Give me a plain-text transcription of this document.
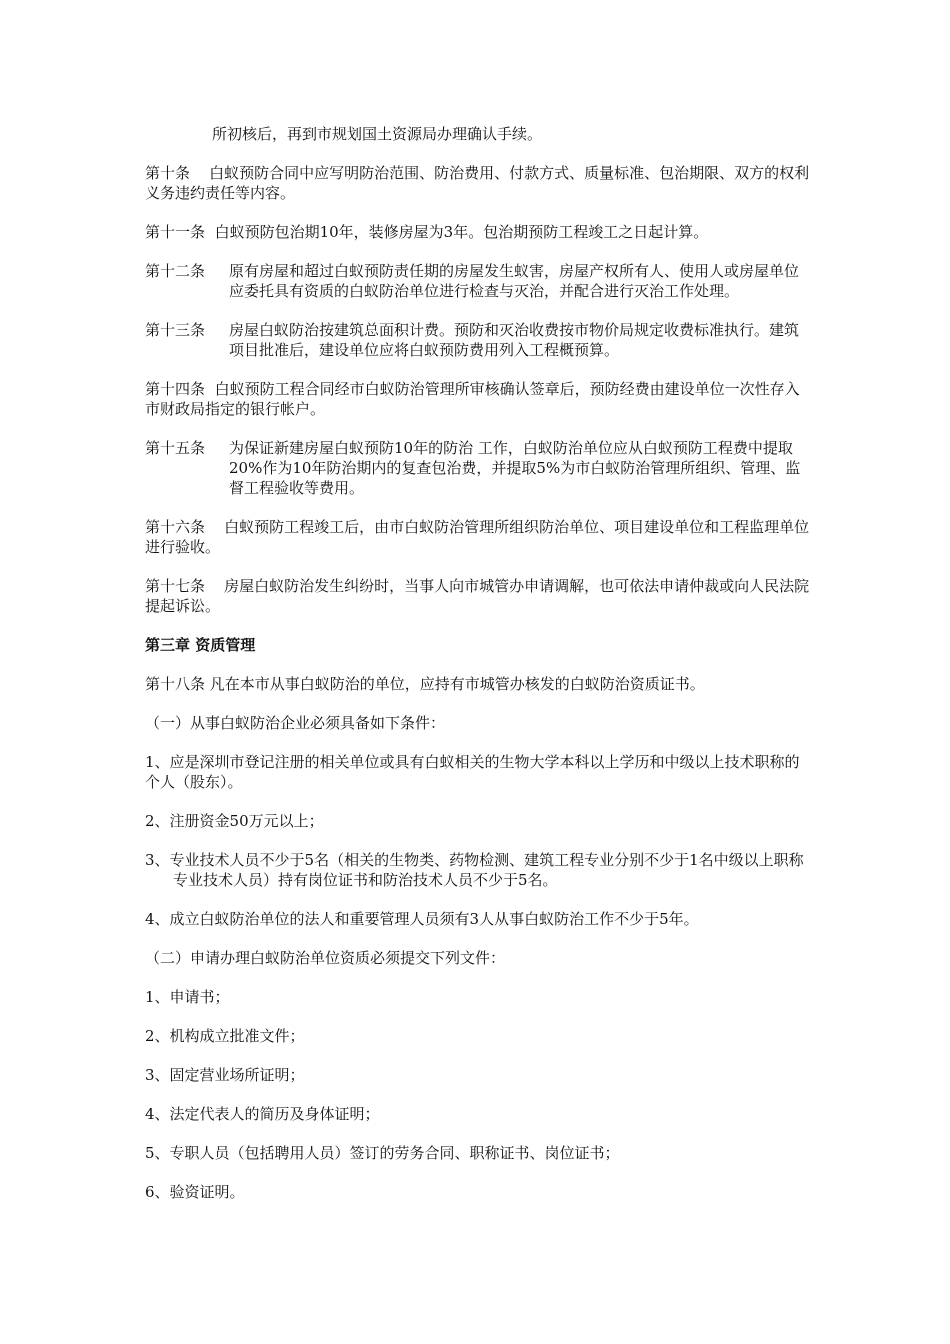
所初核后，再到市规划国土资源局办理确认手续。

第十条 白蚁预防合同中应写明防治范围、防治费用、付款方式、质量标准、包治期限、双方的权利义务违约责任等内容。

第十一条 白蚁预防包治期10年，装修房屋为3年。包治期预防工程竣工之日起计算。

第十二条 原有房屋和超过白蚁预防责任期的房屋发生蚁害，房屋产权所有人、使用人或房屋单位应委托具有资质的白蚁防治单位进行检查与灭治，并配合进行灭治工作处理。

第十三条 房屋白蚁防治按建筑总面积计费。预防和灭治收费按市物价局规定收费标准执行。建筑项目批准后，建设单位应将白蚁预防费用列入工程概预算。

第十四条 白蚁预防工程合同经市白蚁防治管理所审核确认签章后，预防经费由建设单位一次性存入市财政局指定的银行帐户。

第十五条 为保证新建房屋白蚁预防10年的防治 工作，白蚁防治单位应从白蚁预防工程费中提取20%作为10年防治期内的复查包治费，并提取5%为市白蚁防治管理所组织、管理、监督工程验收等费用。

第十六条 白蚁预防工程竣工后，由市白蚁防治管理所组织防治单位、项目建设单位和工程监理单位进行验收。

第十七条 房屋白蚁防治发生纠纷时，当事人向市城管办申请调解，也可依法申请仲裁或向人民法院提起诉讼。

第三章 资质管理

第十八条 凡在本市从事白蚁防治的单位，应持有市城管办核发的白蚁防治资质证书。

（一）从事白蚁防治企业必须具备如下条件：

1、应是深圳市登记注册的相关单位或具有白蚁相关的生物大学本科以上学历和中级以上技术职称的个人（股东）。

2、注册资金50万元以上；

3、专业技术人员不少于5名（相关的生物类、药物检测、建筑工程专业分别不少于1名中级以上职称专业技术人员）持有岗位证书和防治技术人员不少于5名。

4、成立白蚁防治单位的法人和重要管理人员须有3人从事白蚁防治工作不少于5年。

（二）申请办理白蚁防治单位资质必须提交下列文件：

1、申请书；

2、机构成立批准文件；

3、固定营业场所证明；

4、法定代表人的简历及身体证明；

5、专职人员（包括聘用人员）签订的劳务合同、职称证书、岗位证书；

6、验资证明。
